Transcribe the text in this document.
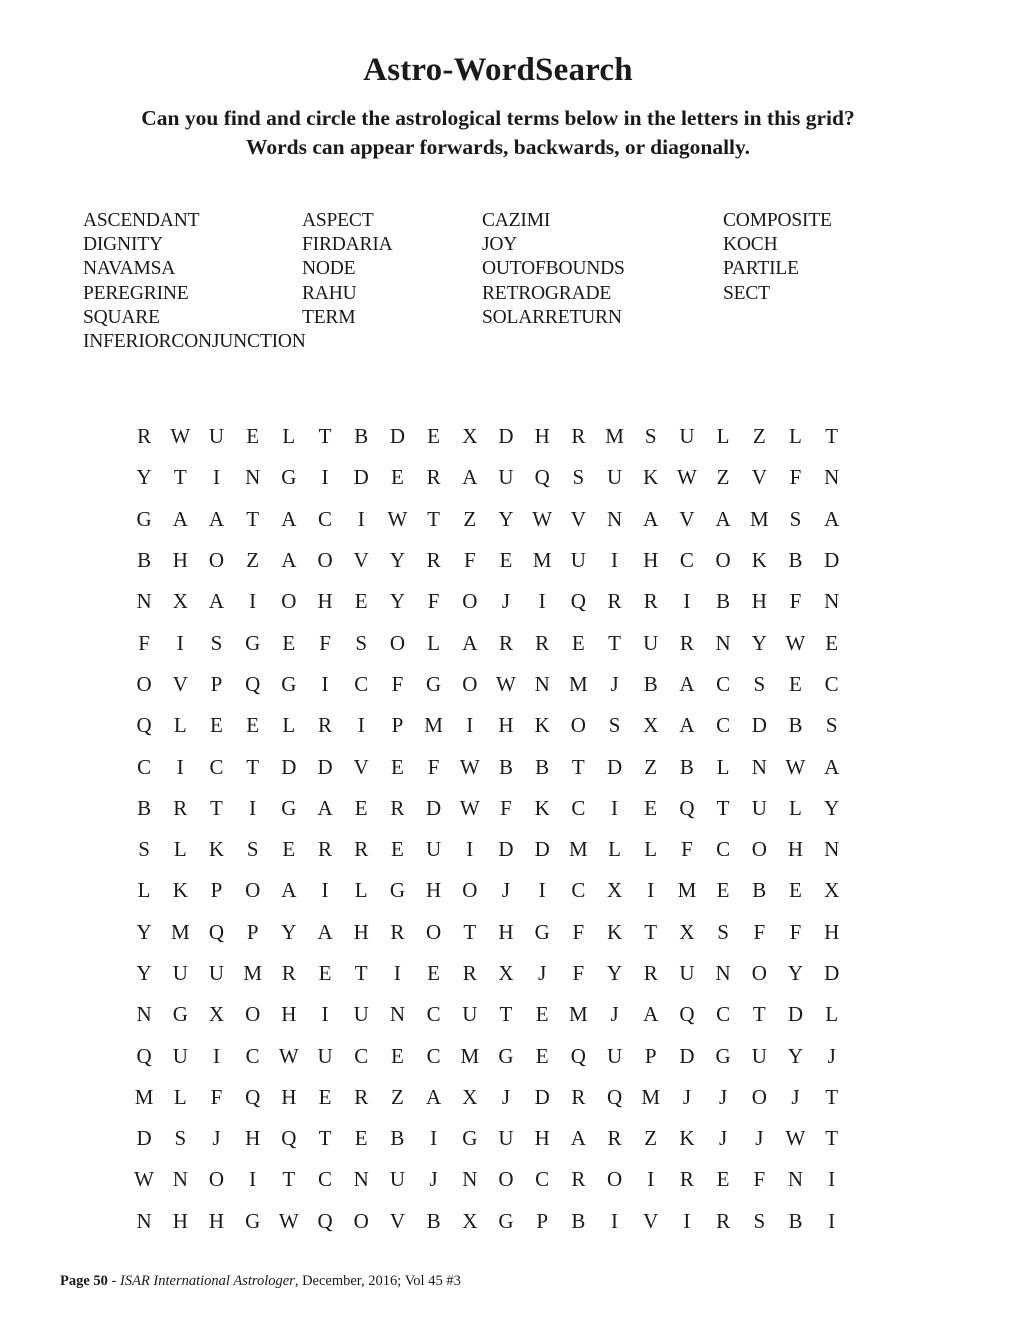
Astro-WordSearch
Can you find and circle the astrological terms below in the letters in this grid?
Words can appear forwards, backwards, or diagonally.
ASCENDANT
DIGNITY
NAVAMSA
PEREGRINE
SQUARE
INFERIORCONJUNCTION
ASPECT
FIRDARIA
NODE
RAHU
TERM
CAZIMI
JOY
OUTOFBOUNDS
RETROGRADE
SOLARRETURN
COMPOSITE
KOCH
PARTILE
SECT
R W U	E	L	T	B	D	E	X	D	H	R M	S	U	L	Z	L	T
Y	T	I	N	G	I	D	E	R	A	U	Q	S	U	K W Z	V	F	N
G	A	A	T	A	C	I	W T	Z	Y W V	N	A	V	A M	S	A
B	H	O	Z	A	O	V	Y	R	F	E M U	I	H	C	O	K	B	D
N	X	A	I	O	H	E	Y	F	O	J	I	Q	R	R	I	B	H	F	N
F	I	S	G	E	F	S	O	L	A	R	R	E	T	U	R	N	Y W E
O	V	P	Q	G	I	C	F	G	O W N M	J	B	A	C	S	E	C
Q	L	E	E	L	R	I	P	M	I	H	K	O	S	X	A	C	D	B	S
C	I	C	T	D	D	V	E	F W B	B	T	D	Z	B	L	N W A
B	R	T	I	G	A	E	R	D W F	K	C	I	E	Q	T	U	L	Y
S	L	K	S	E	R	R	E	U	I	D	D M L	L	F	C	O	H	N
L	K	P	O	A	I	L	G	H	O	J	I	C	X	I	M E	B	E	X
Y M Q	P	Y	A	H	R	O	T	H	G	F	K	T	X	S	F	F	H
Y	U	U M R	E	T	I	E	R	X	J	F	Y	R	U	N	O	Y	D
N	G	X	O	H	I	U	N	C	U	T	E M	J	A	Q	C	T	D	L
Q	U	I	C W U	C	E	C M G	E	Q	U	P	D	G	U	Y	J
M L	F	Q	H	E	R	Z	A	X	J	D	R	Q M	J	J	O	J	T
D	S	J	H	Q	T	E	B	I	G	U	H	A	R	Z	K	J	J	W T
W N	O	I	T	C	N	U	J	N	O	C	R	O	I	R	E	F	N	I
N	H	H	G W Q	O	V	B	X	G	P	B	I	V	I	R	S	B	I
Page 50 - ISAR International Astrologer, December, 2016; Vol 45 #3
